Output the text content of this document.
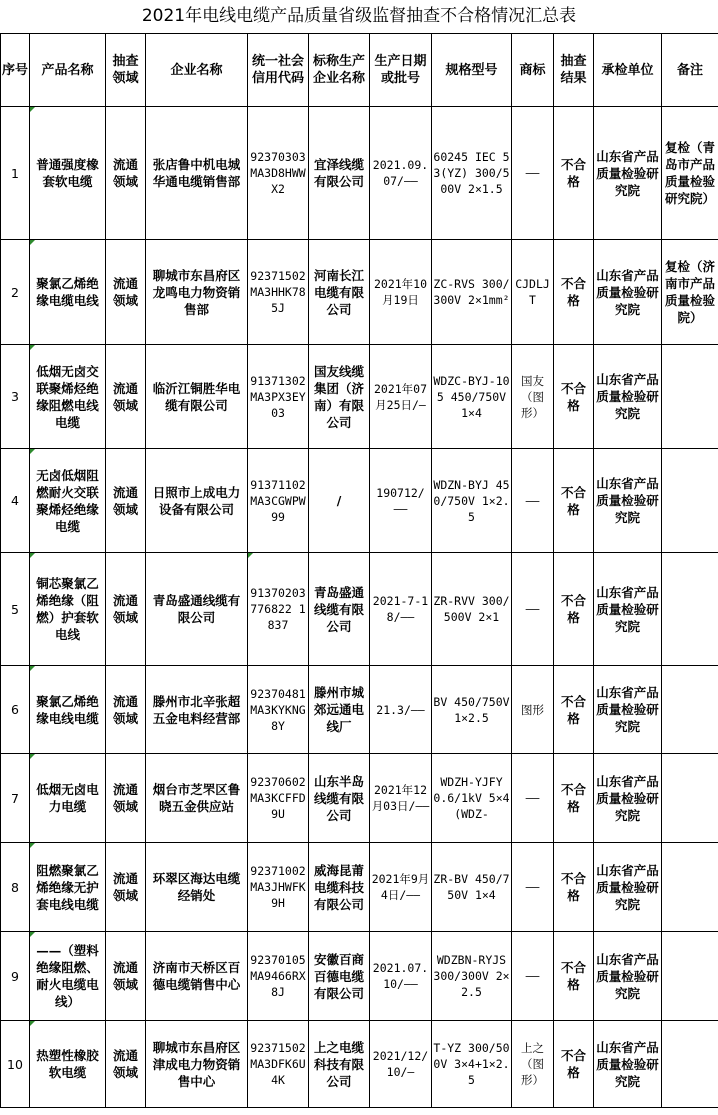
2021年电线电缆产品质量省级监督抽查不合格情况汇总表
序号	产品名称	抽查领域	企业名称	统一社会信用代码	标称生产企业名称	生产日期或批号	规格型号	商标	抽查结果	承检单位	备注
1	普通强度橡套软电缆	流通领域	张店鲁中机电城华通电缆销售部	92370303MA3D8HWWX2	宜泽线缆有限公司	2021.09.07/——	60245 IEC 53(YZ) 300/500V 2×1.5	——	不合格	山东省产品质量检验研究院	复检（青岛市产品质量检验研究院）
2	聚氯乙烯绝缘电缆电线	流通领域	聊城市东昌府区龙鸣电力物资销售部	92371502MA3HHK785J	河南长江电缆有限公司	2021年10月19日	ZC-RVS 300/300V 2×1mm²	CJDLJT	不合格	山东省产品质量检验研究院	复检（济南市产品质量检验院）
3	低烟无卤交联聚烯烃绝缘阻燃电线电缆	流通领域	临沂江铜胜华电缆有限公司	91371302MA3PX3EY03	国友线缆集团（济南）有限公司	2021年07月25日/—	WDZC-BYJ-105 450/750V 1×4	国友（图形）	不合格	山东省产品质量检验研究院	
4	无卤低烟阻燃耐火交联聚烯烃绝缘电缆	流通领域	日照市上成电力设备有限公司	91371102MA3CGWPW99	/	190712/——	WDZN-BYJ 450/750V 1×2.5	——	不合格	山东省产品质量检验研究院	
5	铜芯聚氯乙烯绝缘（阻燃）护套软电线	流通领域	青岛盛通线缆有限公司	91370203776822 1837	青岛盛通线缆有限公司	2021-7-18/——	ZR-RVV 300/500V 2×1	——	不合格	山东省产品质量检验研究院	
6	聚氯乙烯绝缘电线电缆	流通领域	滕州市北辛张超五金电料经营部	92370481MA3KYKNG8Y	滕州市城郊远通电线厂	21.3/——	BV 450/750V 1×2.5	图形	不合格	山东省产品质量检验研究院	
7	低烟无卤电力电缆	流通领域	烟台市芝罘区鲁晓五金供应站	92370602MA3KCFFD9U	山东半岛线缆有限公司	2021年12月03日/——	WDZH-YJFY 0.6/1kV 5×4(WDZ-	——	不合格	山东省产品质量检验研究院	
8	阻燃聚氯乙烯绝缘无护套电线电缆	流通领域	环翠区海达电缆经销处	92371002MA3JHWFK9H	威海昆莆电缆科技有限公司	2021年9月4日/——	ZR-BV 450/750V 1×4	——	不合格	山东省产品质量检验研究院	
9	——（塑料绝缘阻燃、耐火电缆电线）	流通领域	济南市天桥区百德电缆销售中心	92370105MA9466RX8J	安徽百商百德电缆有限公司	2021.07.10/——	WDZBN-RYJS 300/300V 2×2.5	——	不合格	山东省产品质量检验研究院	
10	热塑性橡胶软电缆	流通领域	聊城市东昌府区津成电力物资销售中心	92371502MA3DFK6U4K	上之电缆科技有限公司	2021/12/10/—	T-YZ 300/500V 3×4+1×2.5	上之（图形）	不合格	山东省产品质量检验研究院	
